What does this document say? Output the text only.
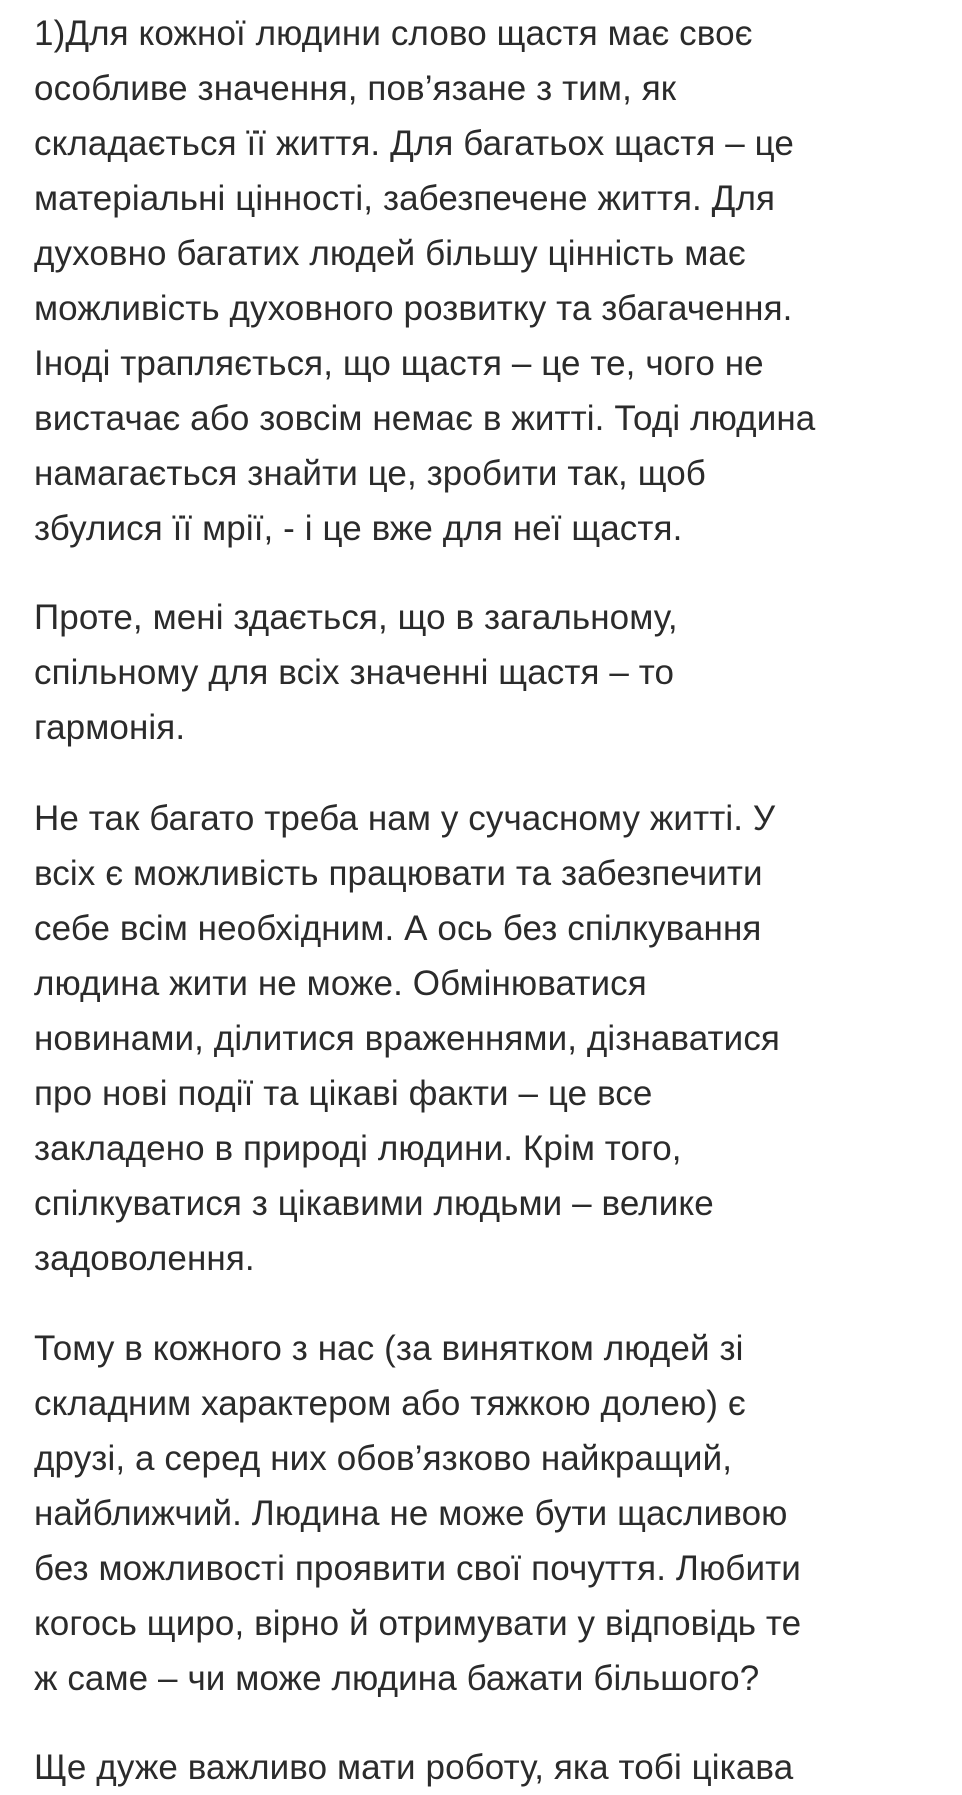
1)Для кожної людини слово щастя має своє
особливе значення, пов’язане з тим, як
складається її життя. Для багатьох щастя – це
матеріальні цінності, забезпечене життя. Для
духовно багатих людей більшу цінність має
можливість духовного розвитку та збагачення.
Іноді трапляється, що щастя – це те, чого не
вистачає або зовсім немає в житті. Тоді людина
намагається знайти це, зробити так, щоб
збулися її мрії, - і це вже для неї щастя.

Проте, мені здається, що в загальному,
спільному для всіх значенні щастя – то
гармонія.

Не так багато треба нам у сучасному житті. У
всіх є можливість працювати та забезпечити
себе всім необхідним. А ось без спілкування
людина жити не може. Обмінюватися
новинами, ділитися враженнями, дізнаватися
про нові події та цікаві факти – це все
закладено в природі людини. Крім того,
спілкуватися з цікавими людьми – велике
задоволення.

Тому в кожного з нас (за винятком людей зі
складним характером або тяжкою долею) є
друзі, а серед них обов’язково найкращий,
найближчий. Людина не може бути щасливою
без можливості проявити свої почуття. Любити
когось щиро, вірно й отримувати у відповідь те
ж саме – чи може людина бажати більшого?

Ще дуже важливо мати роботу, яка тобі цікава
